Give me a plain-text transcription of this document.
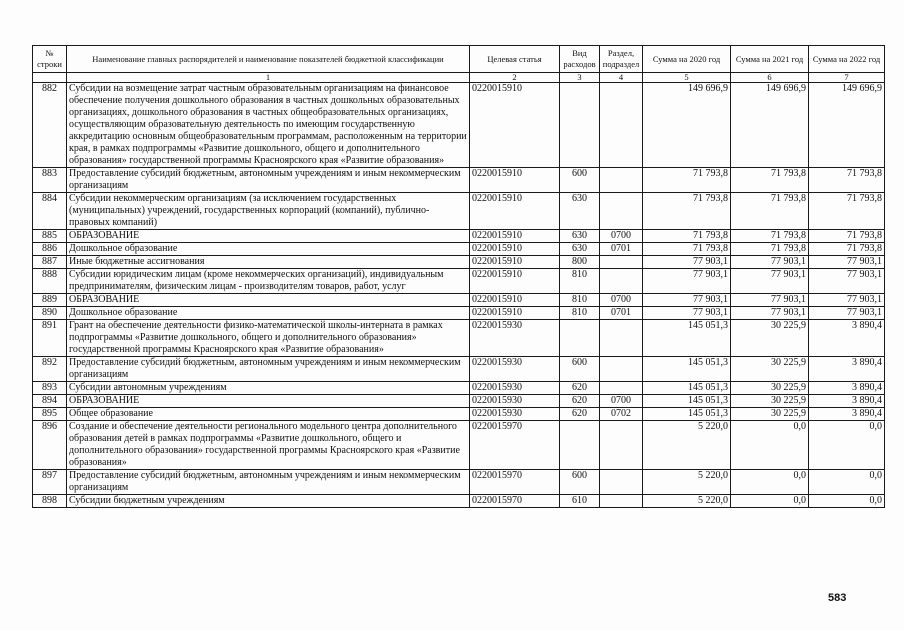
№ строки	Наименование главных распорядителей и наименование показателей бюджетной классификации	Целевая статья	Вид расходов	Раздел, подраздел	Сумма на 2020 год	Сумма на 2021 год	Сумма на 2022 год
	1	2	3	4	5	6	7
882	Субсидии на возмещение затрат частным образовательным организациям на финансовое обеспечение получения дошкольного образования в частных дошкольных образовательных организациях, дошкольного образования в частных общеобразовательных организациях, осуществляющим образовательную деятельность по имеющим государственную аккредитацию основным общеобразовательным программам, расположенным на территории края, в рамках подпрограммы «Развитие дошкольного, общего и дополнительного образования» государственной программы Красноярского края «Развитие образования»	0220015910			149 696,9	149 696,9	149 696,9
883	Предоставление субсидий бюджетным, автономным учреждениям и иным некоммерческим организациям	0220015910	600		71 793,8	71 793,8	71 793,8
884	Субсидии некоммерческим организациям (за исключением государственных (муниципальных) учреждений, государственных корпораций (компаний), публично-правовых компаний)	0220015910	630		71 793,8	71 793,8	71 793,8
885	ОБРАЗОВАНИЕ	0220015910	630	0700	71 793,8	71 793,8	71 793,8
886	Дошкольное образование	0220015910	630	0701	71 793,8	71 793,8	71 793,8
887	Иные бюджетные ассигнования	0220015910	800		77 903,1	77 903,1	77 903,1
888	Субсидии юридическим лицам (кроме некоммерческих организаций), индивидуальным предпринимателям, физическим лицам - производителям товаров, работ, услуг	0220015910	810		77 903,1	77 903,1	77 903,1
889	ОБРАЗОВАНИЕ	0220015910	810	0700	77 903,1	77 903,1	77 903,1
890	Дошкольное образование	0220015910	810	0701	77 903,1	77 903,1	77 903,1
891	Грант на обеспечение деятельности физико-математической школы-интерната в рамках подпрограммы «Развитие дошкольного, общего и дополнительного образования» государственной программы Красноярского края «Развитие образования»	0220015930			145 051,3	30 225,9	3 890,4
892	Предоставление субсидий бюджетным, автономным учреждениям и иным некоммерческим организациям	0220015930	600		145 051,3	30 225,9	3 890,4
893	Субсидии автономным учреждениям	0220015930	620		145 051,3	30 225,9	3 890,4
894	ОБРАЗОВАНИЕ	0220015930	620	0700	145 051,3	30 225,9	3 890,4
895	Общее образование	0220015930	620	0702	145 051,3	30 225,9	3 890,4
896	Создание и обеспечение деятельности регионального модельного центра дополнительного образования детей в рамках подпрограммы «Развитие дошкольного, общего и дополнительного образования» государственной программы Красноярского края «Развитие образования»	0220015970			5 220,0	0,0	0,0
897	Предоставление субсидий бюджетным, автономным учреждениям и иным некоммерческим организациям	0220015970	600		5 220,0	0,0	0,0
898	Субсидии бюджетным учреждениям	0220015970	610		5 220,0	0,0	0,0
583
